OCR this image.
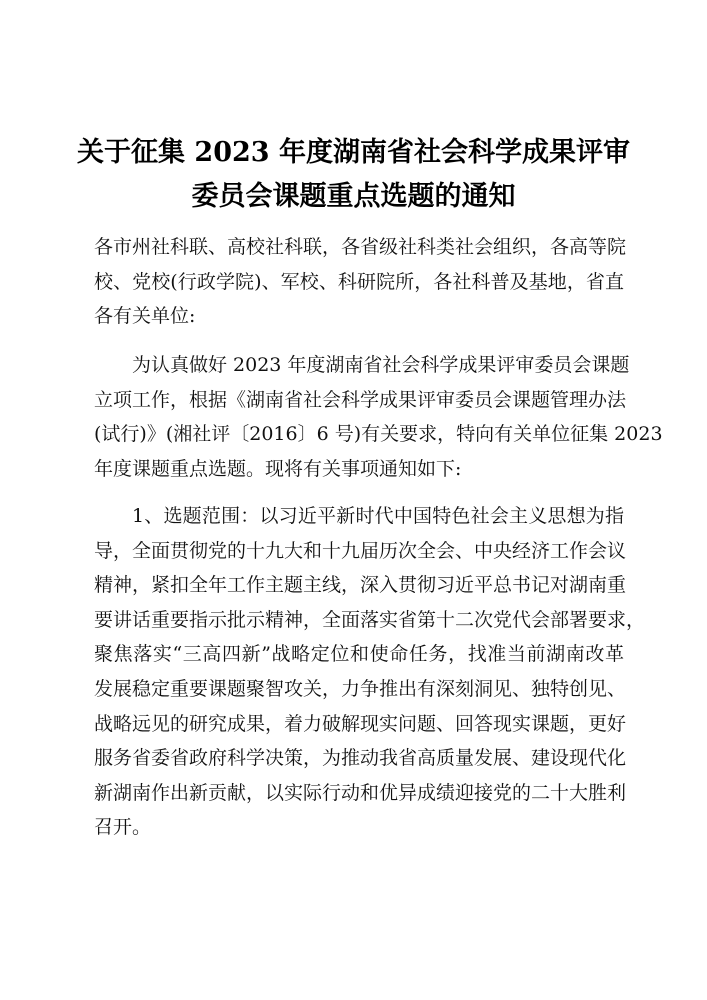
关于征集 2023 年度湖南省社会科学成果评审
委员会课题重点选题的通知
各市州社科联、高校社科联，各省级社科类社会组织，各高等院
校、党校(行政学院)、军校、科研院所，各社科普及基地，省直
各有关单位:
为认真做好 2023 年度湖南省社会科学成果评审委员会课题
立项工作，根据《湖南省社会科学成果评审委员会课题管理办法
(试行)》(湘社评〔2016〕6 号)有关要求，特向有关单位征集 2023
年度课题重点选题。现将有关事项通知如下:
1、选题范围：以习近平新时代中国特色社会主义思想为指
导，全面贯彻党的十九大和十九届历次全会、中央经济工作会议
精神，紧扣全年工作主题主线，深入贯彻习近平总书记对湖南重
要讲话重要指示批示精神，全面落实省第十二次党代会部署要求，
聚焦落实“三高四新”战略定位和使命任务，找准当前湖南改革
发展稳定重要课题聚智攻关，力争推出有深刻洞见、独特创见、
战略远见的研究成果，着力破解现实问题、回答现实课题，更好
服务省委省政府科学决策，为推动我省高质量发展、建设现代化
新湖南作出新贡献，以实际行动和优异成绩迎接党的二十大胜利
召开。
